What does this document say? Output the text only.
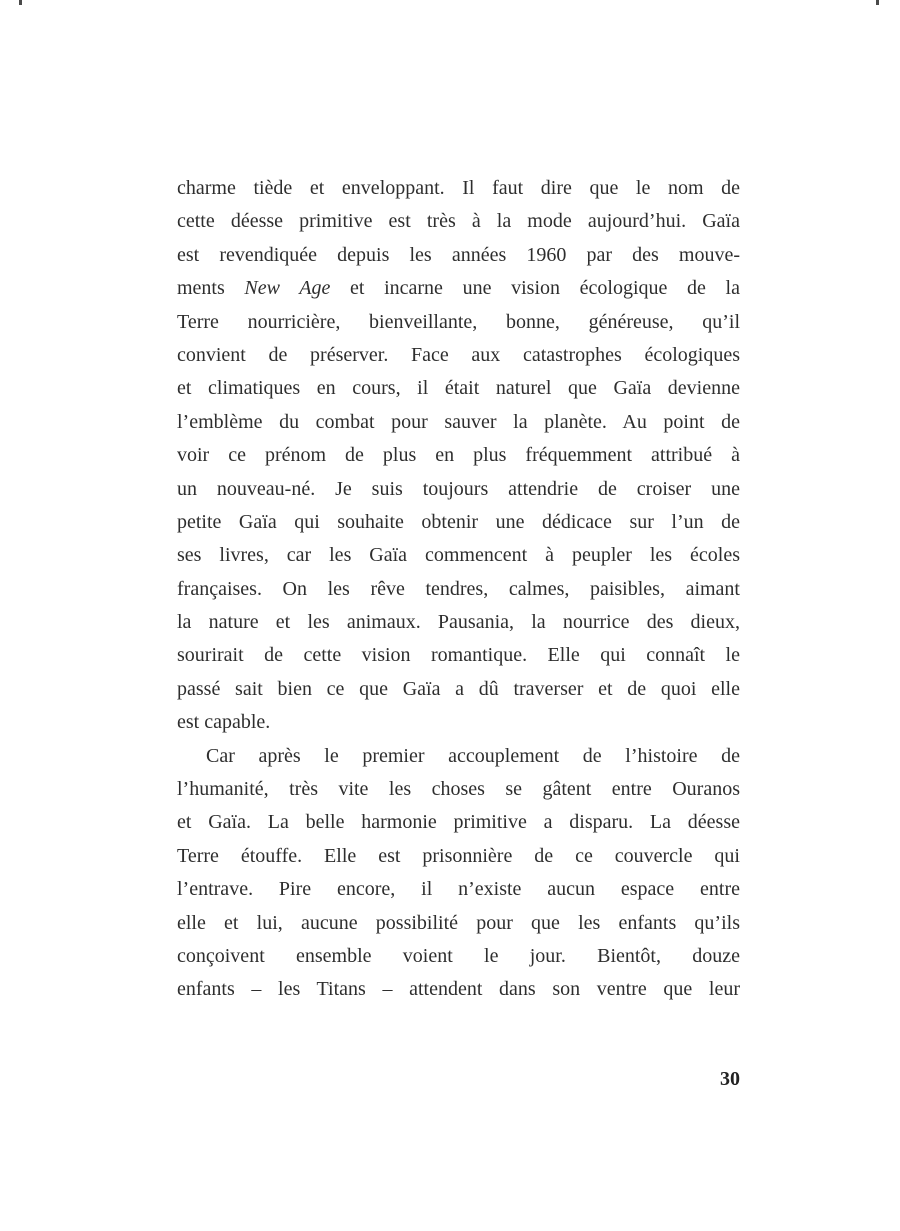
charme tiède et enveloppant. Il faut dire que le nom de
cette déesse primitive est très à la mode aujourd’hui. Gaïa
est revendiquée depuis les années 1960 par des mouve-
ments New Age et incarne une vision écologique de la
Terre nourricière, bienveillante, bonne, généreuse, qu’il
convient de préserver. Face aux catastrophes écologiques
et climatiques en cours, il était naturel que Gaïa devienne
l’emblème du combat pour sauver la planète. Au point de
voir ce prénom de plus en plus fréquemment attribué à
un nouveau-né. Je suis toujours attendrie de croiser une
petite Gaïa qui souhaite obtenir une dédicace sur l’un de
ses livres, car les Gaïa commencent à peupler les écoles
françaises. On les rêve tendres, calmes, paisibles, aimant
la nature et les animaux. Pausania, la nourrice des dieux,
sourirait de cette vision romantique. Elle qui connaît le
passé sait bien ce que Gaïa a dû traverser et de quoi elle
est capable.
Car après le premier accouplement de l’histoire de
l’humanité, très vite les choses se gâtent entre Ouranos
et Gaïa. La belle harmonie primitive a disparu. La déesse
Terre étouffe. Elle est prisonnière de ce couvercle qui
l’entrave. Pire encore, il n’existe aucun espace entre
elle et lui, aucune possibilité pour que les enfants qu’ils
conçoivent ensemble voient le jour. Bientôt, douze
enfants – les Titans – attendent dans son ventre que leur
30
